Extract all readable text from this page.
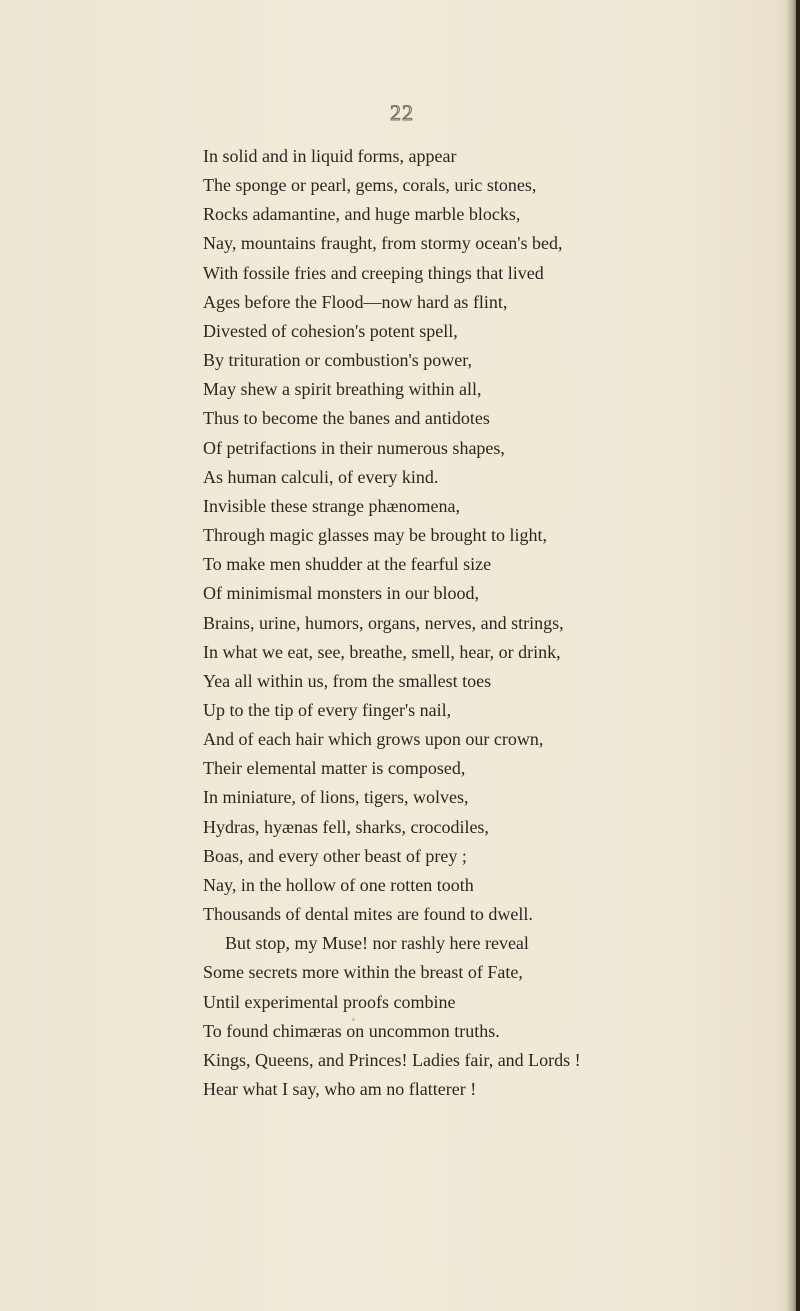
22
In solid and in liquid forms, appear
The sponge or pearl, gems, corals, uric stones,
Rocks adamantine, and huge marble blocks,
Nay, mountains fraught, from stormy ocean's bed,
With fossile fries and creeping things that lived
Ages before the Flood—now hard as flint,
Divested of cohesion's potent spell,
By trituration or combustion's power,
May shew a spirit breathing within all,
Thus to become the banes and antidotes
Of petrifactions in their numerous shapes,
As human calculi, of every kind.
Invisible these strange phænomena,
Through magic glasses may be brought to light,
To make men shudder at the fearful size
Of minimismal monsters in our blood,
Brains, urine, humors, organs, nerves, and strings,
In what we eat, see, breathe, smell, hear, or drink,
Yea all within us, from the smallest toes
Up to the tip of every finger's nail,
And of each hair which grows upon our crown,
Their elemental matter is composed,
In miniature, of lions, tigers, wolves,
Hydras, hyænas fell, sharks, crocodiles,
Boas, and every other beast of prey ;
Nay, in the hollow of one rotten tooth
Thousands of dental mites are found to dwell.
But stop, my Muse! nor rashly here reveal
Some secrets more within the breast of Fate,
Until experimental proofs combine
To found chimæras on uncommon truths.
Kings, Queens, and Princes! Ladies fair, and Lords !
Hear what I say, who am no flatterer !
